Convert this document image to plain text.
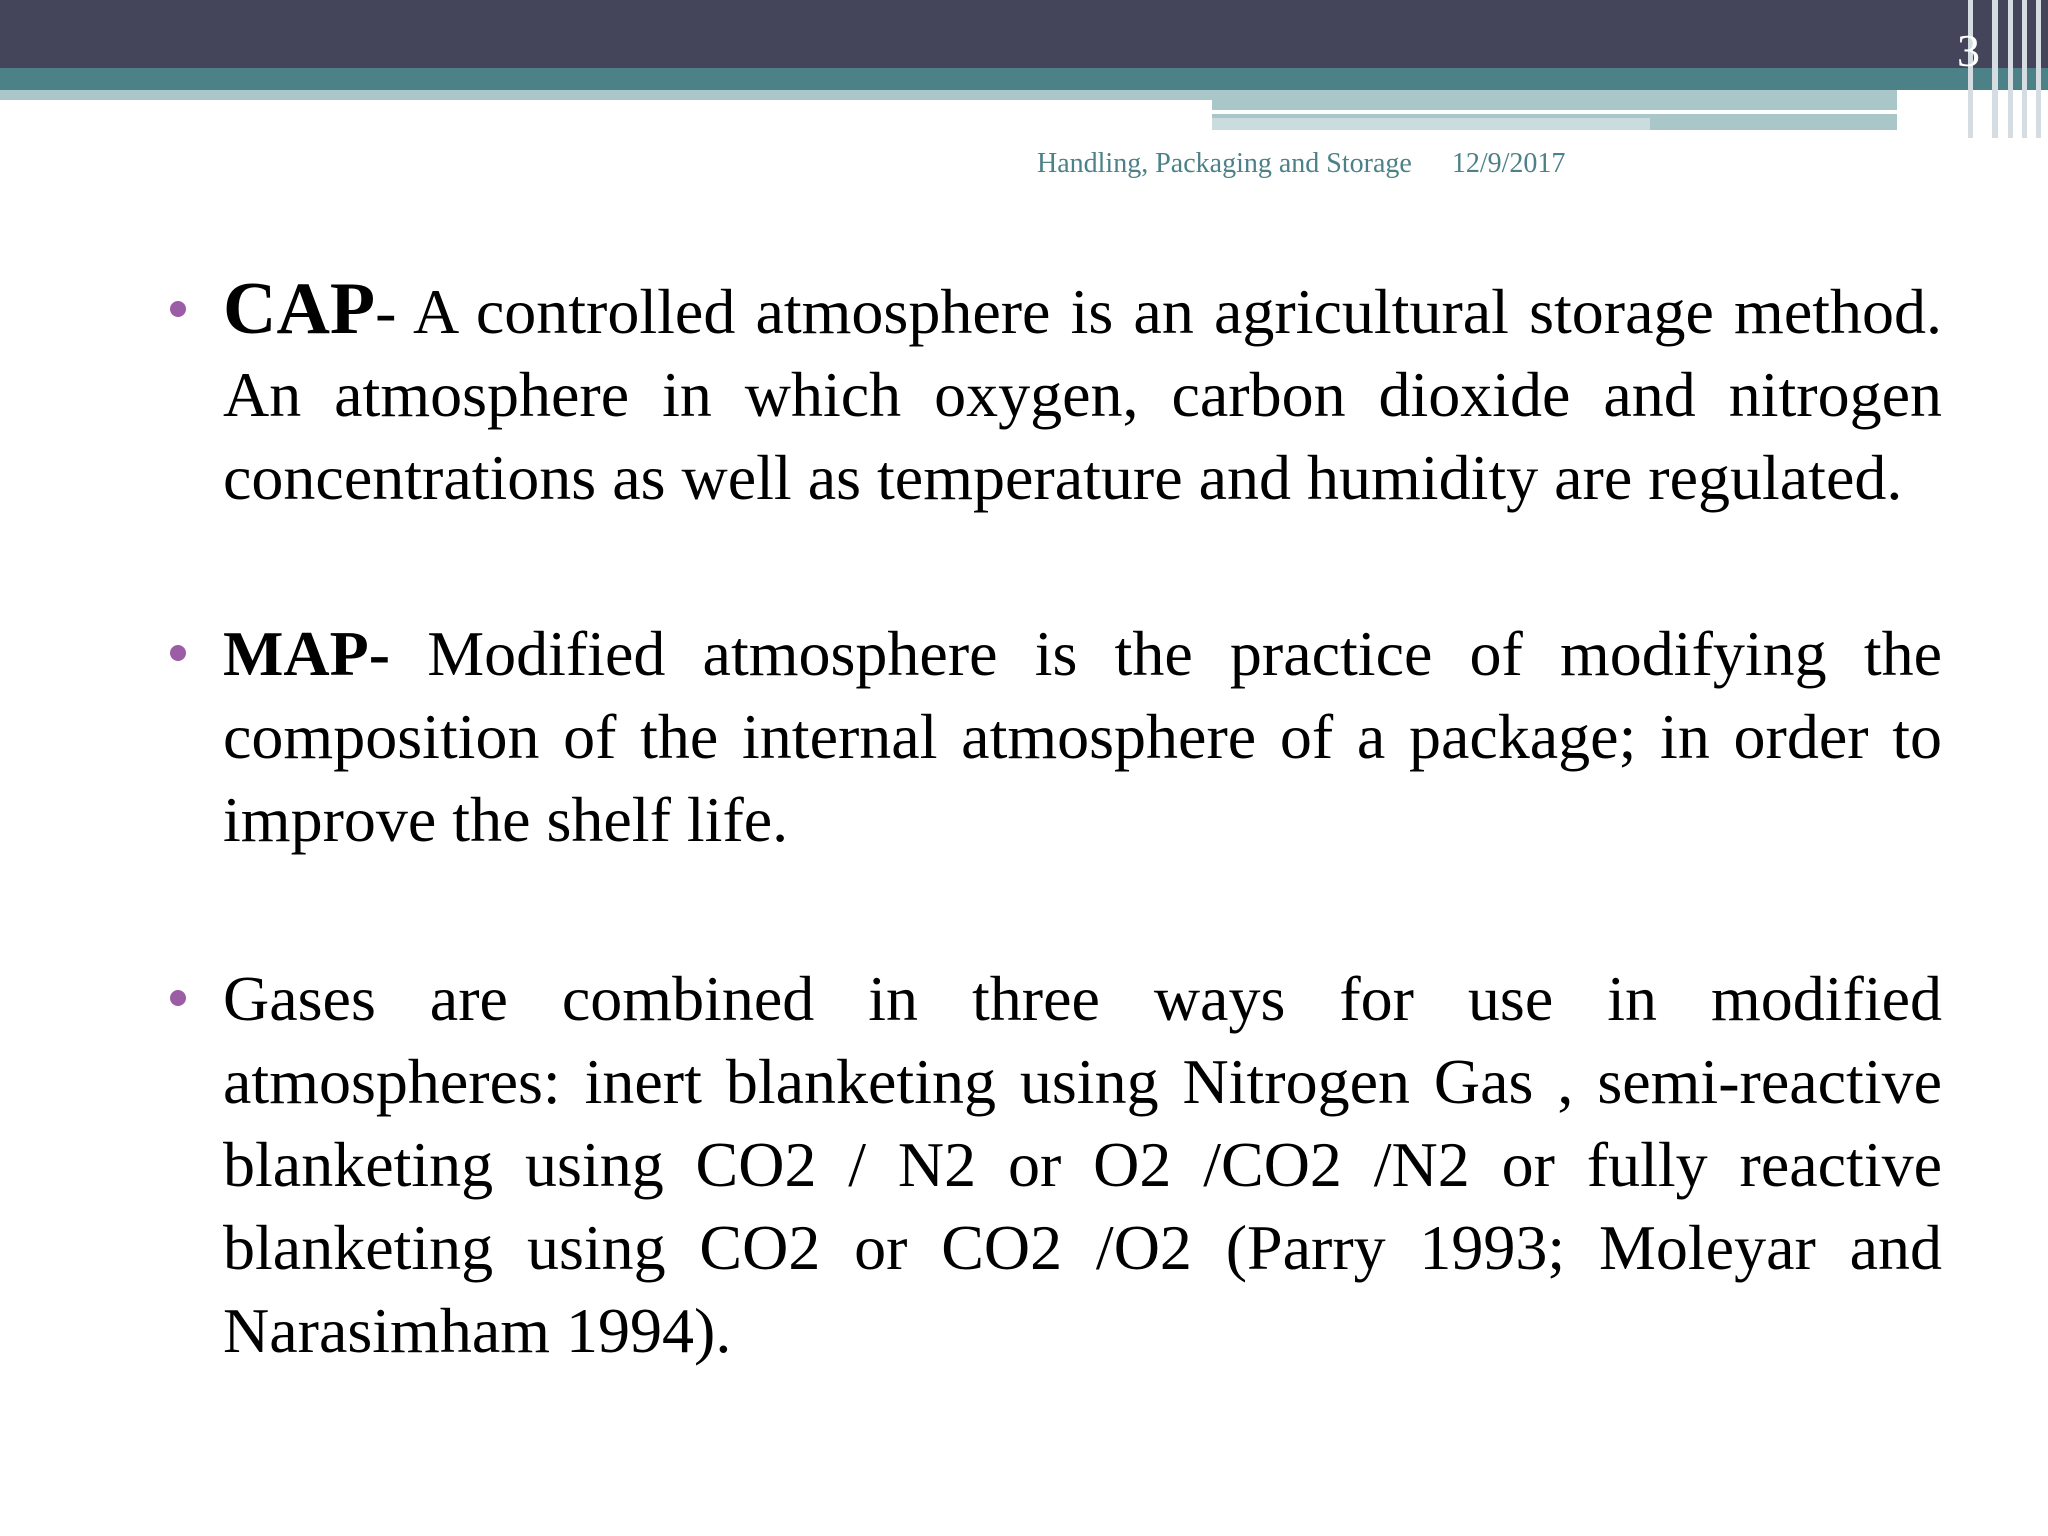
3
Handling, Packaging and Storage 12/9/2017

CAP- A controlled atmosphere is an agricultural storage method. An atmosphere in which oxygen, carbon dioxide and nitrogen concentrations as well as temperature and humidity are regulated.

MAP- Modified atmosphere is the practice of modifying the composition of the internal atmosphere of a package; in order to improve the shelf life.

Gases are combined in three ways for use in modified atmospheres: inert blanketing using Nitrogen Gas , semi-reactive blanketing using CO2 / N2 or O2 /CO2 /N2 or fully reactive blanketing using CO2 or CO2 /O2 (Parry 1993; Moleyar and Narasimham 1994).
